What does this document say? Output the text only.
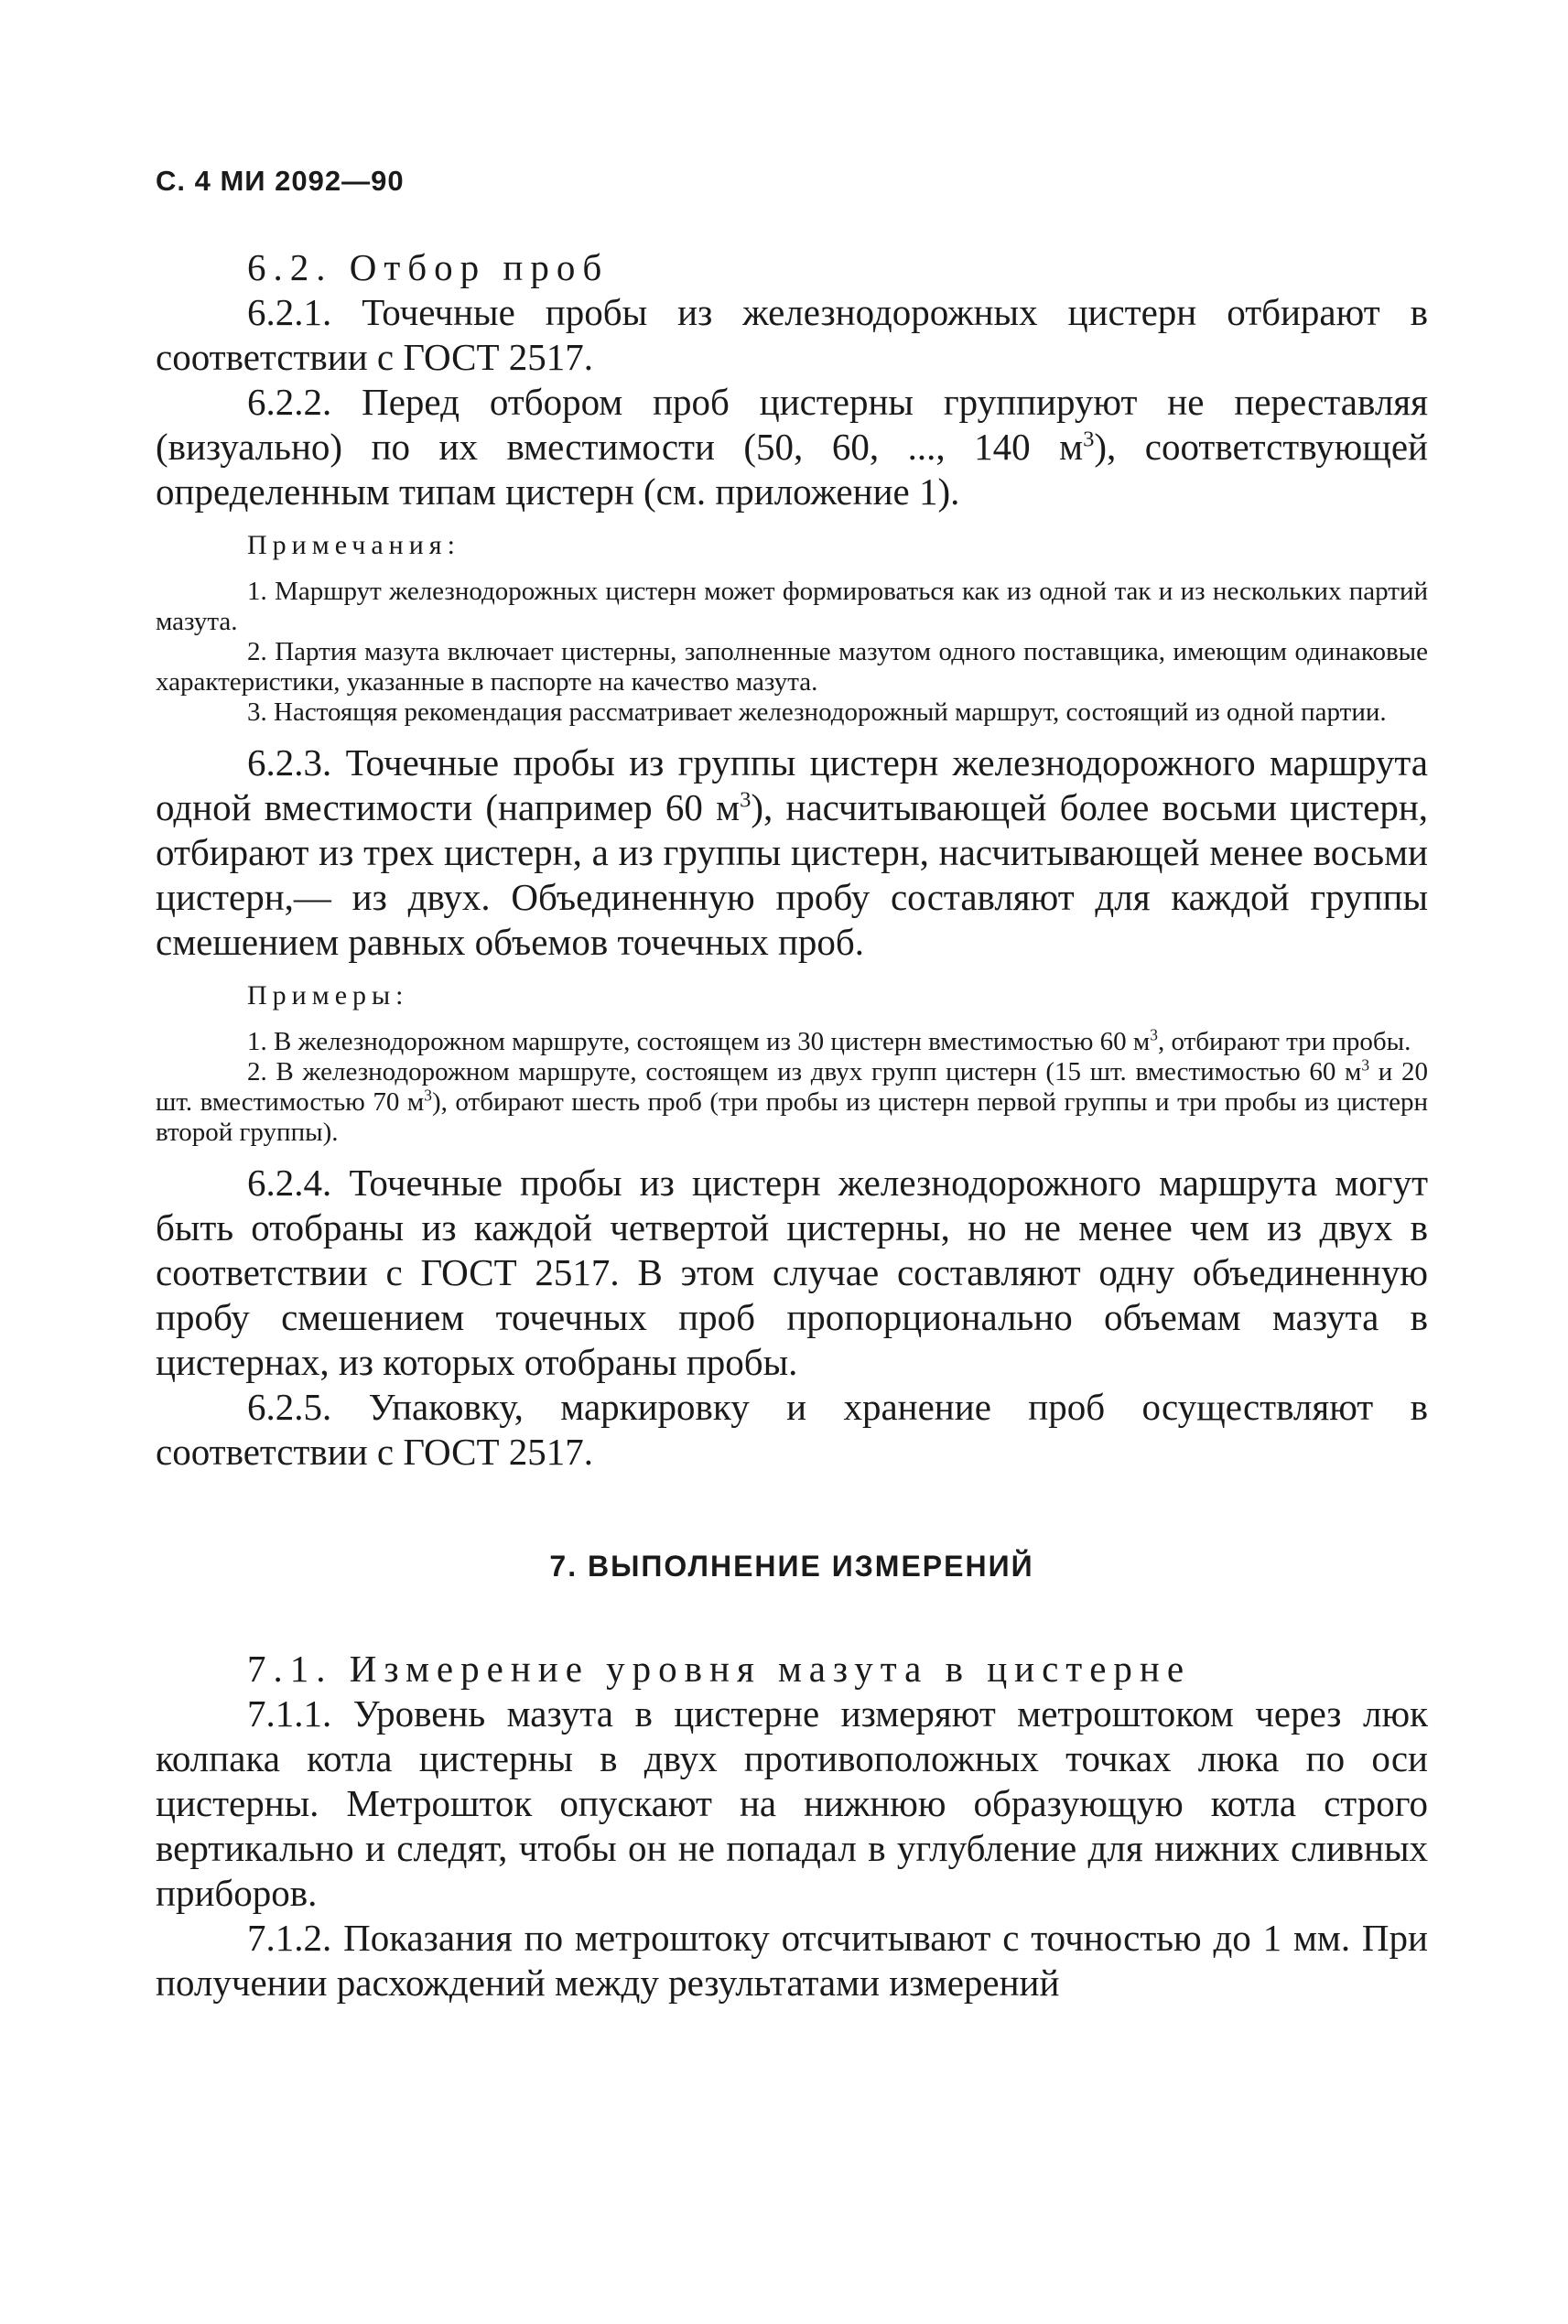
С. 4 МИ 2092—90

6.2. Отбор проб

6.2.1. Точечные пробы из железнодорожных цистерн отбирают в соответствии с ГОСТ 2517.

6.2.2. Перед отбором проб цистерны группируют не переставляя (визуально) по их вместимости (50, 60, ..., 140 $м^3$), соответствующей определенным типам цистерн (см. приложение 1).

Примечания:

1. Маршрут железнодорожных цистерн может формироваться как из одной так и из нескольких партий мазута.

2. Партия мазута включает цистерны, заполненные мазутом одного поставщика, имеющим одинаковые характеристики, указанные в паспорте на качество мазута.

3. Настоящяя рекомендация рассматривает железнодорожный маршрут, состоящий из одной партии.

6.2.3. Точечные пробы из группы цистерн железнодорожного маршрута одной вместимости (например 60 $м^3$), насчитывающей более восьми цистерн, отбирают из трех цистерн, а из группы цистерн, насчитывающей менее восьми цистерн,— из двух. Объединенную пробу составляют для каждой группы смешением равных объемов точечных проб.

Примеры:

1. В железнодорожном маршруте, состоящем из 30 цистерн вместимостью 60 $м^3$, отбирают три пробы.

2. В железнодорожном маршруте, состоящем из двух групп цистерн (15 шт. вместимостью 60 $м^3$ и 20 шт. вместимостью 70 $м^3$), отбирают шесть проб (три пробы из цистерн первой группы и три пробы из цистерн второй группы).

6.2.4. Точечные пробы из цистерн железнодорожного маршрута могут быть отобраны из каждой четвертой цистерны, но не менее чем из двух в соответствии с ГОСТ 2517. В этом случае составляют одну объединенную пробу смешением точечных проб пропорционально объемам мазута в цистернах, из которых отобраны пробы.

6.2.5. Упаковку, маркировку и хранение проб осуществляют в соответствии с ГОСТ 2517.

7. ВЫПОЛНЕНИЕ ИЗМЕРЕНИЙ

7.1. Измерение уровня мазута в цистерне

7.1.1. Уровень мазута в цистерне измеряют метроштоком через люк колпака котла цистерны в двух противоположных точках люка по оси цистерны. Метрошток опускают на нижнюю образующую котла строго вертикально и следят, чтобы он не попадал в углубление для нижних сливных приборов.

7.1.2. Показания по метроштоку отсчитывают с точностью до 1 мм. При получении расхождений между результатами измерений
